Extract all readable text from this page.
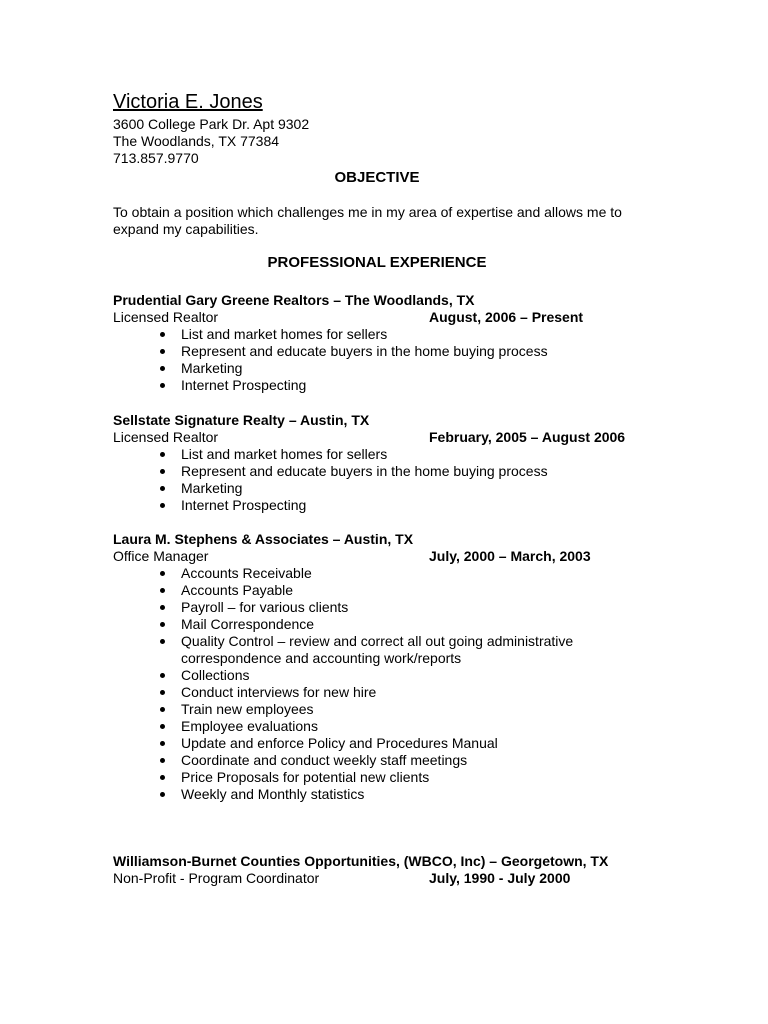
Victoria E. Jones
3600 College Park Dr. Apt 9302
The Woodlands, TX 77384
713.857.9770
OBJECTIVE
To obtain a position which challenges me in my area of expertise and allows me to expand my capabilities.
PROFESSIONAL EXPERIENCE
Prudential Gary Greene Realtors – The Woodlands, TX
Licensed Realtor	August, 2006 – Present
List and market homes for sellers
Represent and educate buyers in the home buying process
Marketing
Internet Prospecting
Sellstate Signature Realty – Austin, TX
Licensed Realtor	February, 2005 – August 2006
List and market homes for sellers
Represent and educate buyers in the home buying process
Marketing
Internet Prospecting
Laura M. Stephens & Associates – Austin, TX
Office Manager	July, 2000 – March, 2003
Accounts Receivable
Accounts Payable
Payroll – for various clients
Mail Correspondence
Quality Control – review and correct all out going administrative correspondence and accounting work/reports
Collections
Conduct interviews for new hire
Train new employees
Employee evaluations
Update and enforce Policy and Procedures Manual
Coordinate and conduct weekly staff meetings
Price Proposals for potential new clients
Weekly and Monthly statistics
Williamson-Burnet Counties Opportunities, (WBCO, Inc) – Georgetown, TX
Non-Profit - Program Coordinator	July, 1990 - July 2000
